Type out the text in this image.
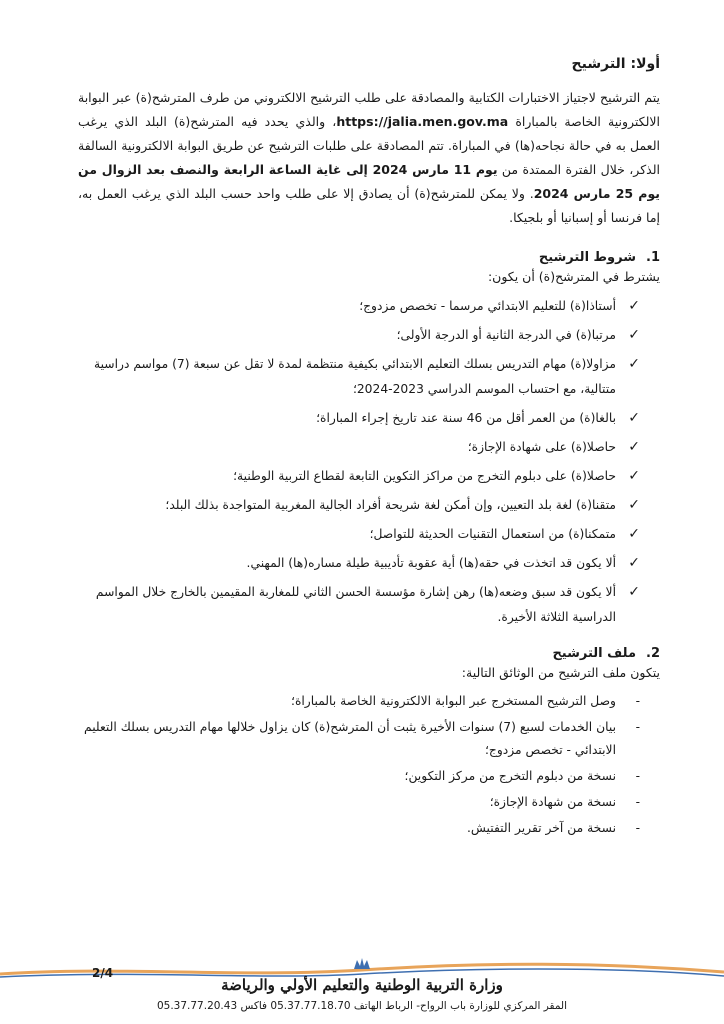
أولا: الترشيح

يتم الترشيح لاجتياز الاختبارات الكتابية والمصادقة على طلب الترشيح الالكتروني من طرف المترشح(ة) عبر البوابة الالكترونية الخاصة بالمباراة https://jalia.men.gov.ma، والذي يحدد فيه المترشح(ة) البلد الذي يرغب العمل به في حالة نجاحه(ها) في المباراة. تتم المصادقة على طلبات الترشيح عن طريق البوابة الالكترونية السالفة الذكر، خلال الفترة الممتدة من يوم 11 مارس 2024 إلى غاية الساعة الرابعة والنصف بعد الزوال من يوم 25 مارس 2024. ولا يمكن للمترشح(ة) أن يصادق إلا على طلب واحد حسب البلد الذي يرغب العمل به، إما فرنسا أو إسبانيا أو بلجيكا.

1.
شروط الترشيح
يشترط في المترشح(ة) أن يكون:
✓
أستاذا(ة) للتعليم الابتدائي مرسما - تخصص مزدوج؛
✓
مرتبا(ة) في الدرجة الثانية أو الدرجة الأولى؛
✓
مزاولا(ة) مهام التدريس بسلك التعليم الابتدائي بكيفية منتظمة لمدة لا تقل عن سبعة (7) مواسم دراسية متتالية، مع احتساب الموسم الدراسي 2023-2024؛
✓
بالغا(ة) من العمر أقل من 46 سنة عند تاريخ إجراء المباراة؛
✓
حاصلا(ة) على شهادة الإجازة؛
✓
حاصلا(ة) على دبلوم التخرج من مراكز التكوين التابعة لقطاع التربية الوطنية؛
✓
متقنا(ة) لغة بلد التعيين، وإن أمكن لغة شريحة أفراد الجالية المغربية المتواجدة بذلك البلد؛
✓
متمكنا(ة) من استعمال التقنيات الحديثة للتواصل؛
✓
ألا يكون قد اتخذت في حقه(ها) أية عقوبة تأديبية طيلة مساره(ها) المهني.
✓
ألا يكون قد سبق وضعه(ها) رهن إشارة مؤسسة الحسن الثاني للمغاربة المقيمين بالخارج خلال المواسم الدراسية الثلاثة الأخيرة.
2.
ملف الترشيح
يتكون ملف الترشيح من الوثائق التالية:
-
وصل الترشيح المستخرج عبر البوابة الالكترونية الخاصة بالمباراة؛
-
بيان الخدمات لسبع (7) سنوات الأخيرة يثبت أن المترشح(ة) كان يزاول خلالها مهام التدريس بسلك التعليم الابتدائي - تخصص مزدوج؛
-
نسخة من دبلوم التخرج من مركز التكوين؛
-
نسخة من شهادة الإجازة؛
-
نسخة من آخر تقرير التفتيش.
2/4
وزارة التربية الوطنية والتعليم الأولي والرياضة
المقر المركزي للوزارة باب الرواح- الرباط الهاتف 05.37.77.18.70 فاكس 05.37.77.20.43
